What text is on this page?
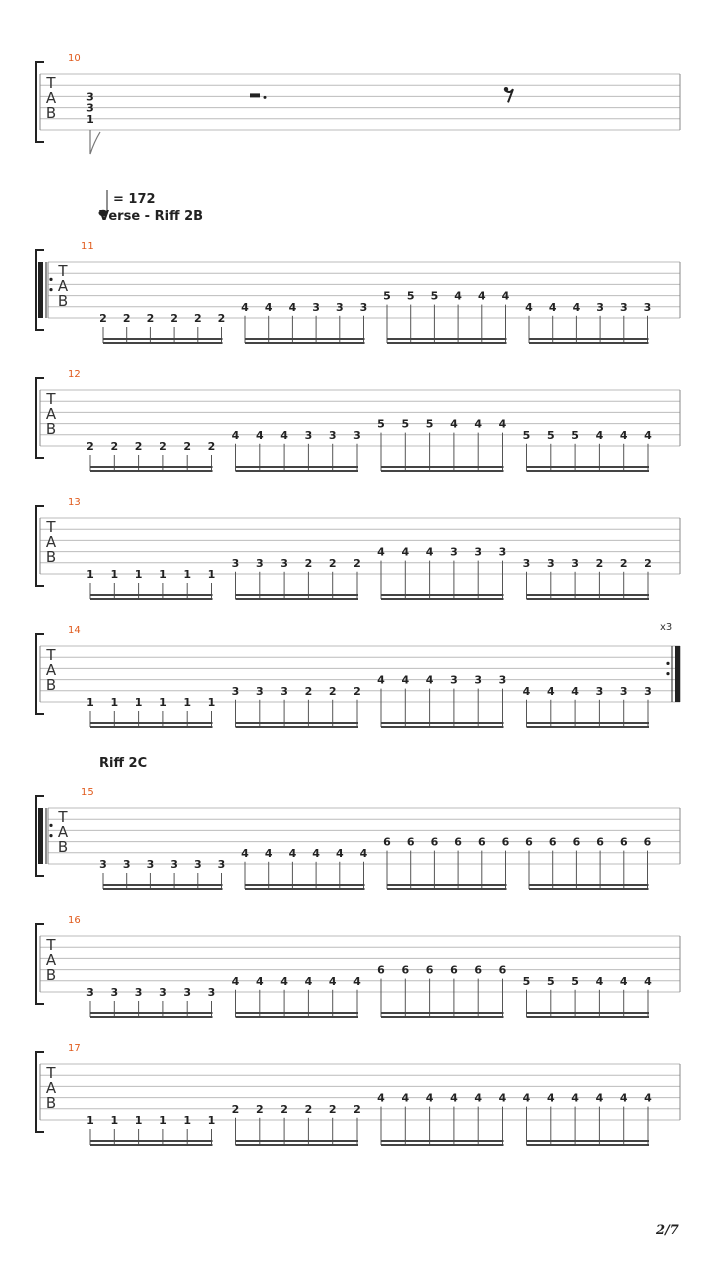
T
A
B
10
3
3
1
T
A
B
11
2 2 2 2 2 2
4 4 4 3 3 3
5 5 5 4 4 4
4 4 4 3 3 3
T
A
B
12
2 2 2 2 2 2
4 4 4 3 3 3
5 5 5 4 4 4
5 5 5 4 4 4
T
A
B
13
1 1 1 1 1 1
3 3 3 2 2 2
4 4 4 3 3 3
3 3 3 2 2 2
x3
T
A
B
14
1 1 1 1 1 1
3 3 3 2 2 2
4 4 4 3 3 3
4 4 4 3 3 3
T
A
B
15
3 3 3 3 3 3
4 4 4 4 4 4
6 6 6 6 6 6 6 6 6 6 6 6
T
A
B
16
3 3 3 3 3 3
4 4 4 4 4 4
6 6 6 6 6 6
5 5 5 4 4 4
T
A
B
17
1 1 1 1 1 1
2 2 2 2 2 2
4 4 4 4 4 4 4 4 4 4 4 4
= 172
Verse - Riff 2B
Riff 2C
2/7
